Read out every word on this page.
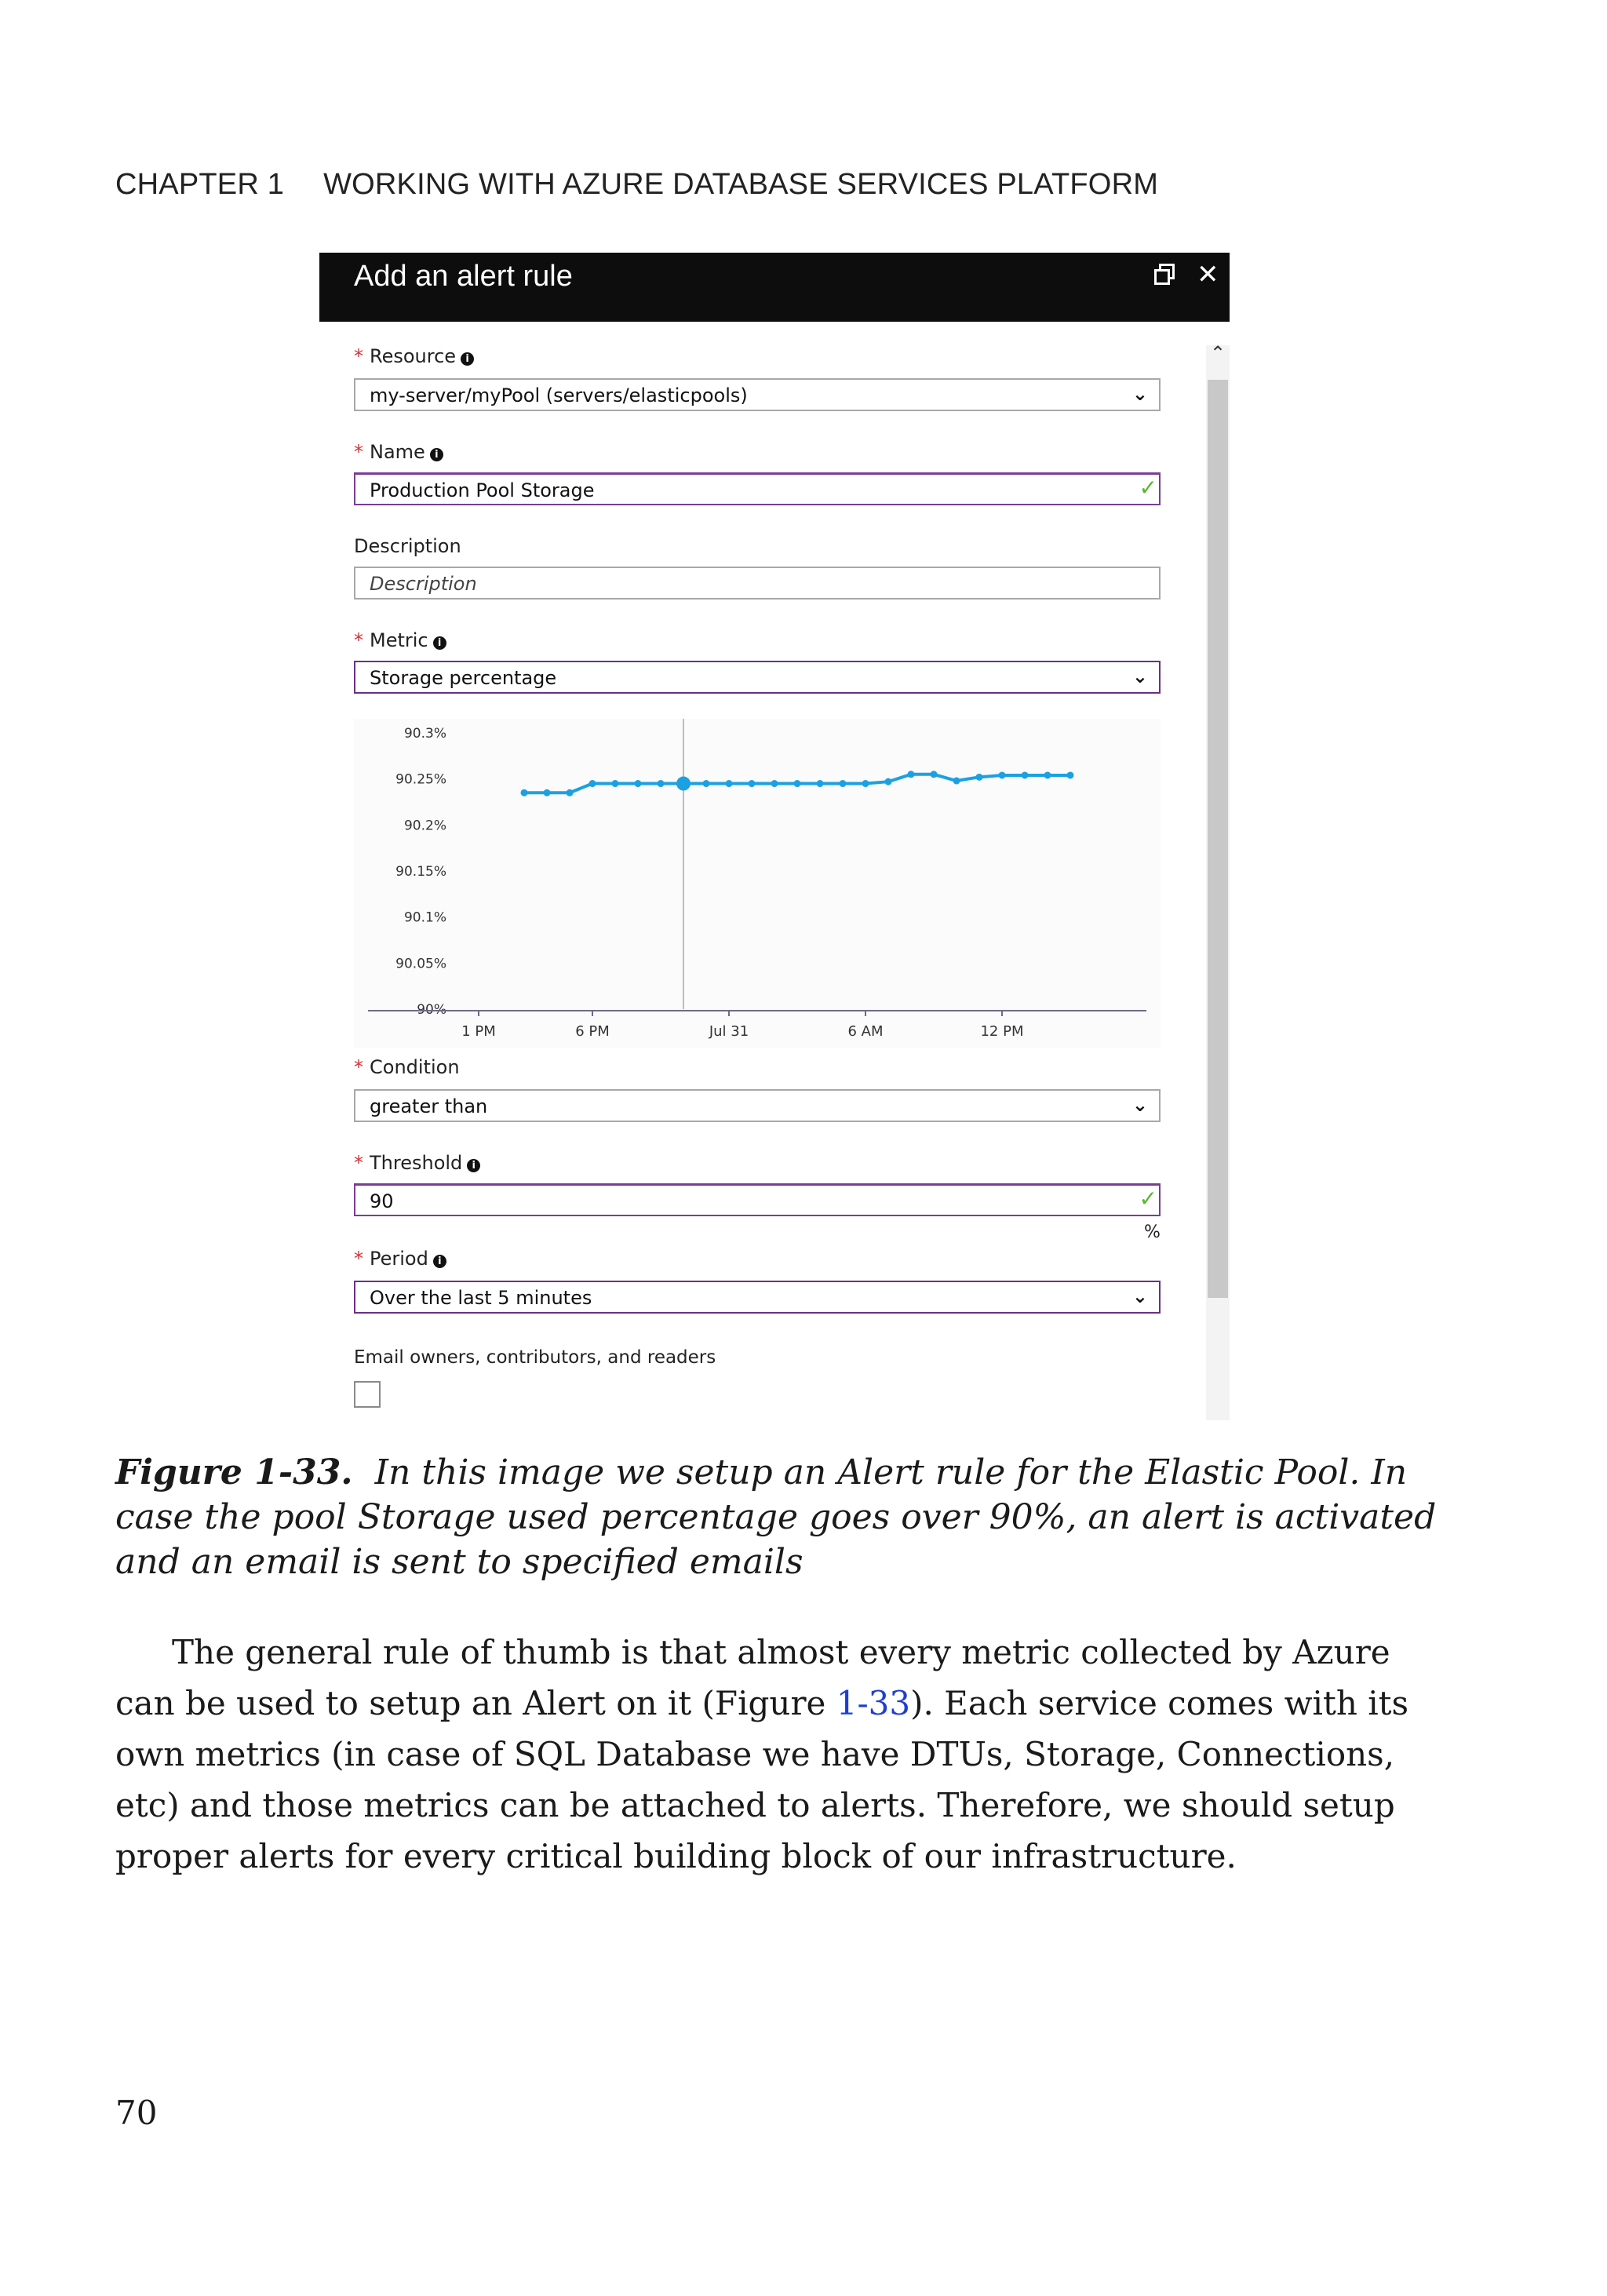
CHAPTER 1 WORKING WITH AZURE DATABASE SERVICES PLATFORM
Add an alert rule	✕
⌃
* Resource i
my-server/myPool (servers/elasticpools)	⌄
* Name i
Production Pool Storage	✓
Description
Description
* Metric i
Storage percentage	⌄
90.3%
90.25%
90.2%
90.15%
90.1%
90.05%
90%
1 PM	6 PM	Jul 31	6 AM	12 PM
* Condition
greater than	⌄
* Threshold i
90	✓
%
* Period i
Over the last 5 minutes	⌄
Email owners, contributors, and readers
Figure 1-33. In this image we setup an Alert rule for the Elastic Pool. In case the pool Storage used percentage goes over 90%, an alert is activated and an email is sent to specified emails
The general rule of thumb is that almost every metric collected by Azure can be used to setup an Alert on it (Figure 1-33). Each service comes with its own metrics (in case of SQL Database we have DTUs, Storage, Connections, etc) and those metrics can be attached to alerts. Therefore, we should setup proper alerts for every critical building block of our infrastructure.
70
